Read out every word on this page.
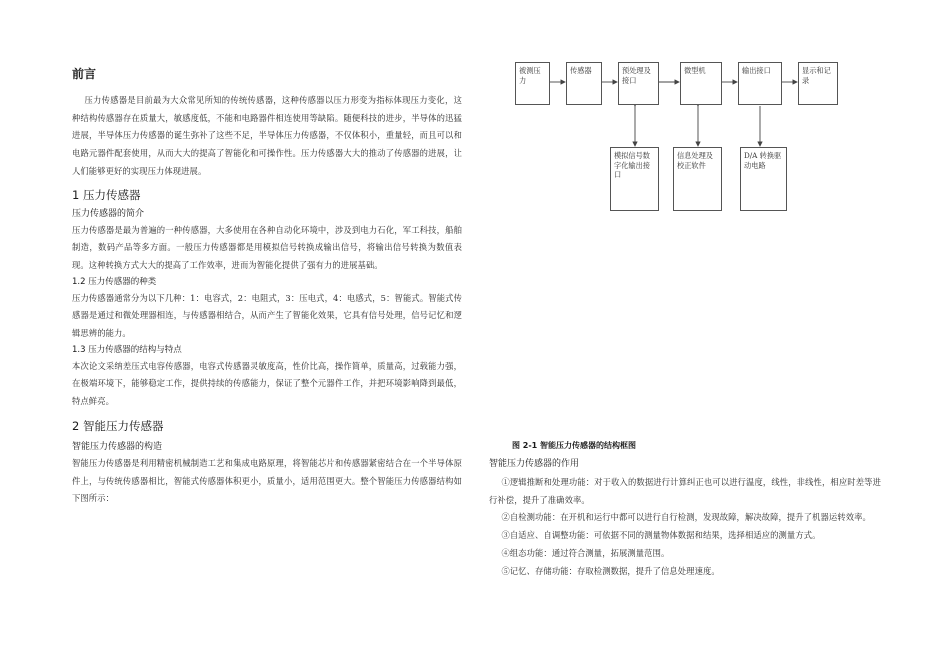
前言

压力传感器是目前最为大众常见所知的传统传感器，这种传感器以压力形变为指标体现压力变化，这种结构传感器存在质量大，敏感度低，不能和电路器件相连使用等缺陷。随便科技的进步，半导体的迅猛进展，半导体压力传感器的诞生弥补了这些不足，半导体压力传感器，不仅体积小，重量轻，而且可以和电路元器件配套使用，从而大大的提高了智能化和可操作性。压力传感器大大的推动了传感器的进展，让人们能够更好的实现压力体现进展。

1 压力传感器
压力传感器的简介

压力传感器是最为普遍的一种传感器，大多使用在各种自动化环境中，涉及到电力石化，军工科技，船舶制造，数码产品等多方面。一般压力传感器都是用模拟信号转换成输出信号，将输出信号转换为数值表现。这种转换方式大大的提高了工作效率，进而为智能化提供了强有力的进展基础。

1.2 压力传感器的种类

压力传感器通常分为以下几种：1：电容式，2：电阻式，3：压电式，4：电感式，5：智能式。智能式传感器是通过和微处理器相连，与传感器相结合，从而产生了智能化效果，它具有信号处理，信号记忆和逻辑思辨的能力。

1.3 压力传感器的结构与特点

本次论文采纳差压式电容传感器，电容式传感器灵敏度高，性价比高，操作简单，质量高，过载能力强，在极端环境下，能够稳定工作，提供持续的传感能力，保证了整个元器件工作，并把环境影响降到最低，特点鲜亮。

2 智能压力传感器
智能压力传感器的构造

智能压力传感器是利用精密机械制造工艺和集成电路原理，将智能芯片和传感器紧密结合在一个半导体原件上，与传统传感器相比，智能式传感器体积更小，质量小，适用范围更大。整个智能压力传感器结构如下图所示：

被测压力
传感器	预处理及接口
微型机	输出接口	显示和记录
模拟信号数字化输出接口
信息处理及校正软件
D/A 转换驱动电路
图 2-1 智能压力传感器的结构框图
智能压力传感器的作用

①逻辑推断和处理功能：对于收入的数据进行计算纠正也可以进行温度，线性，非线性，相应时差等进行补偿，提升了准确效率。

②自检测功能：在开机和运行中都可以进行自行检测，发现故障，解决故障，提升了机器运转效率。

③自适应、自调整功能：可依据不同的测量物体数据和结果，选择相适应的测量方式。

④组态功能：通过符合测量，拓展测量范围。

⑤记忆、存储功能：存取检测数据，提升了信息处理速度。
